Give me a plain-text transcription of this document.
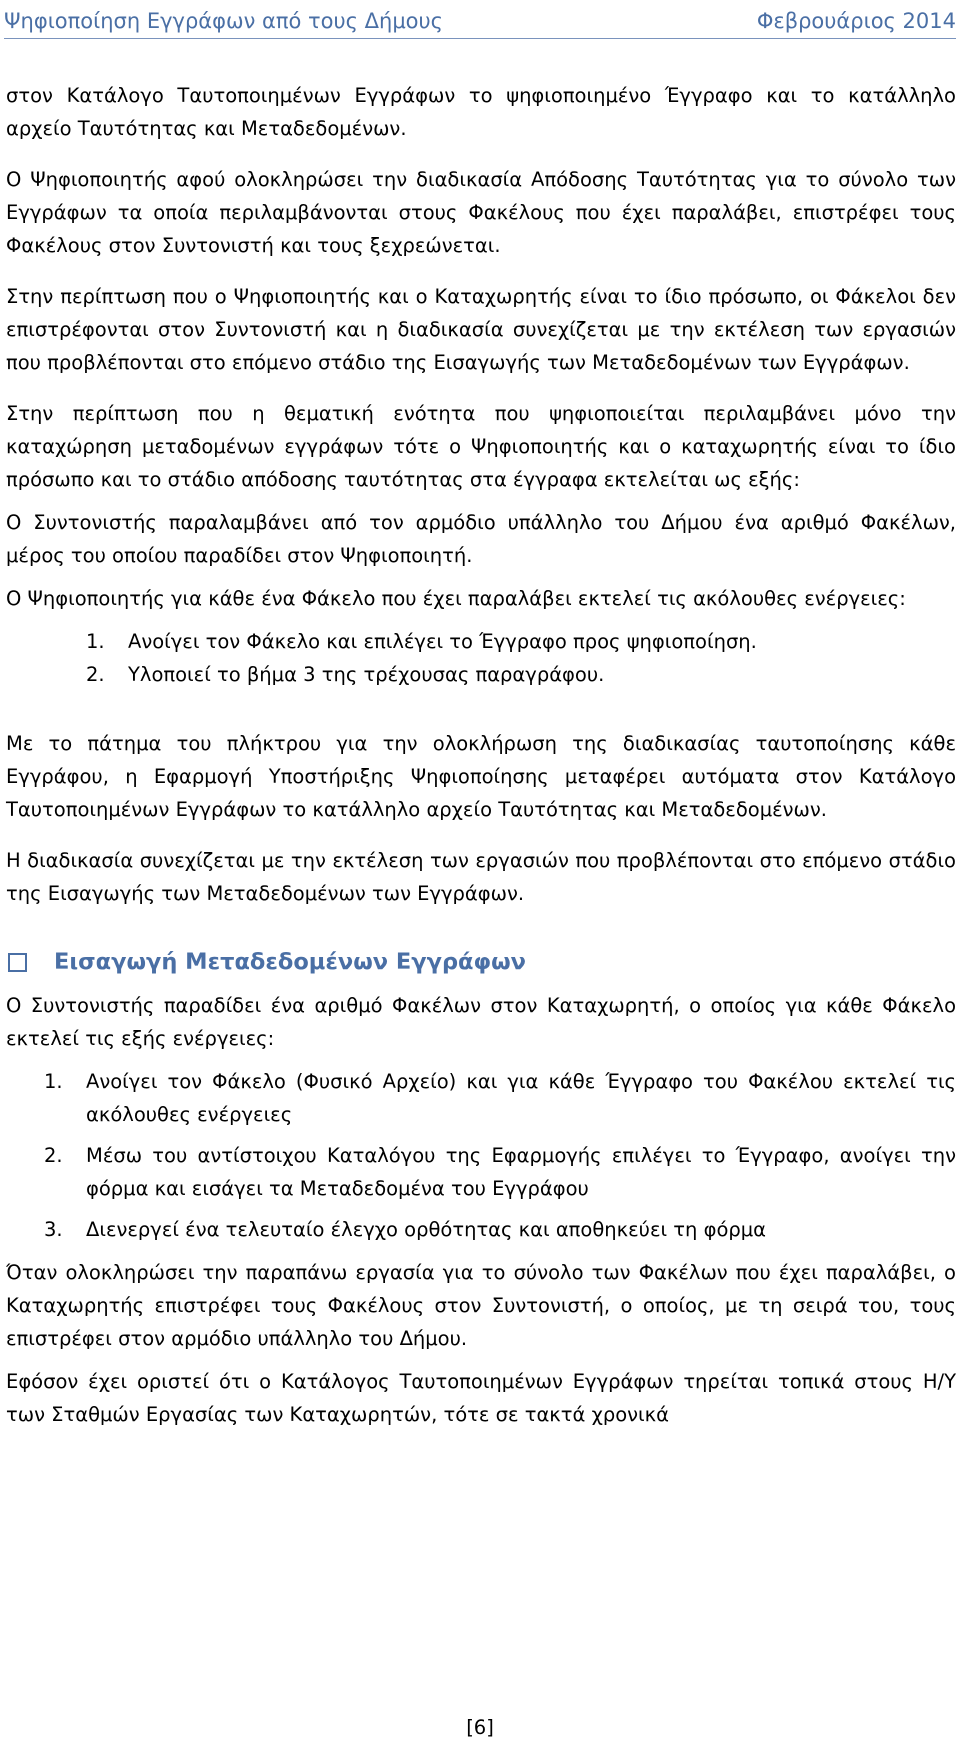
Ψηφιοποίηση Εγγράφων από τους Δήμους	Φεβρουάριος 2014

στον Κατάλογο Ταυτοποιημένων Εγγράφων το ψηφιοποιημένο Έγγραφο και το κατάλληλο αρχείο Ταυτότητας και Μεταδεδομένων.

Ο Ψηφιοποιητής αφού ολοκληρώσει την διαδικασία Απόδοσης Ταυτότητας για το σύνολο των Εγγράφων τα οποία περιλαμβάνονται στους Φακέλους που έχει παραλάβει, επιστρέφει τους Φακέλους στον Συντονιστή και τους ξεχρεώνεται.

Στην περίπτωση που ο Ψηφιοποιητής και ο Καταχωρητής είναι το ίδιο πρόσωπο, οι Φάκελοι δεν επιστρέφονται στον Συντονιστή και η διαδικασία συνεχίζεται με την εκτέλεση των εργασιών που προβλέπονται στο επόμενο στάδιο της Εισαγωγής των Μεταδεδομένων των Εγγράφων.

Στην περίπτωση που η θεματική ενότητα που ψηφιοποιείται περιλαμβάνει μόνο την καταχώρηση μεταδομένων εγγράφων τότε ο Ψηφιοποιητής και ο καταχωρητής είναι το ίδιο πρόσωπο και το στάδιο απόδοσης ταυτότητας στα έγγραφα εκτελείται ως εξής:

Ο Συντονιστής παραλαμβάνει από τον αρμόδιο υπάλληλο του Δήμου ένα αριθμό Φακέλων, μέρος του οποίου παραδίδει στον Ψηφιοποιητή.

Ο Ψηφιοποιητής για κάθε ένα Φάκελο που έχει παραλάβει εκτελεί τις ακόλουθες ενέργειες:

1.	Ανοίγει τον Φάκελο και επιλέγει το Έγγραφο προς ψηφιοποίηση.
2.	Υλοποιεί το βήμα 3 της τρέχουσας παραγράφου.

Με το πάτημα του πλήκτρου για την ολοκλήρωση της διαδικασίας ταυτοποίησης κάθε Εγγράφου, η Εφαρμογή Υποστήριξης Ψηφιοποίησης μεταφέρει αυτόματα στον Κατάλογο Ταυτοποιημένων Εγγράφων το κατάλληλο αρχείο Ταυτότητας και Μεταδεδομένων.

Η διαδικασία συνεχίζεται με την εκτέλεση των εργασιών που προβλέπονται στο επόμενο στάδιο της Εισαγωγής των Μεταδεδομένων των Εγγράφων.

Εισαγωγή Μεταδεδομένων Εγγράφων

Ο Συντονιστής παραδίδει ένα αριθμό Φακέλων στον Καταχωρητή, ο οποίος για κάθε Φάκελο εκτελεί τις εξής ενέργειες:

1.	Ανοίγει τον Φάκελο (Φυσικό Αρχείο) και για κάθε Έγγραφο του Φακέλου εκτελεί τις ακόλουθες ενέργειες
2.	Μέσω του αντίστοιχου Καταλόγου της Εφαρμογής επιλέγει το Έγγραφο, ανοίγει την φόρμα και εισάγει τα Μεταδεδομένα του Εγγράφου
3.	Διενεργεί ένα τελευταίο έλεγχο ορθότητας και αποθηκεύει τη φόρμα

Όταν ολοκληρώσει την παραπάνω εργασία για το σύνολο των Φακέλων που έχει παραλάβει, ο Καταχωρητής επιστρέφει τους Φακέλους στον Συντονιστή, ο οποίος, με τη σειρά του, τους επιστρέφει στον αρμόδιο υπάλληλο του Δήμου.

Εφόσον έχει οριστεί ότι ο Κατάλογος Ταυτοποιημένων Εγγράφων τηρείται τοπικά στους Η/Υ των Σταθμών Εργασίας των Καταχωρητών, τότε σε τακτά χρονικά

[6]
